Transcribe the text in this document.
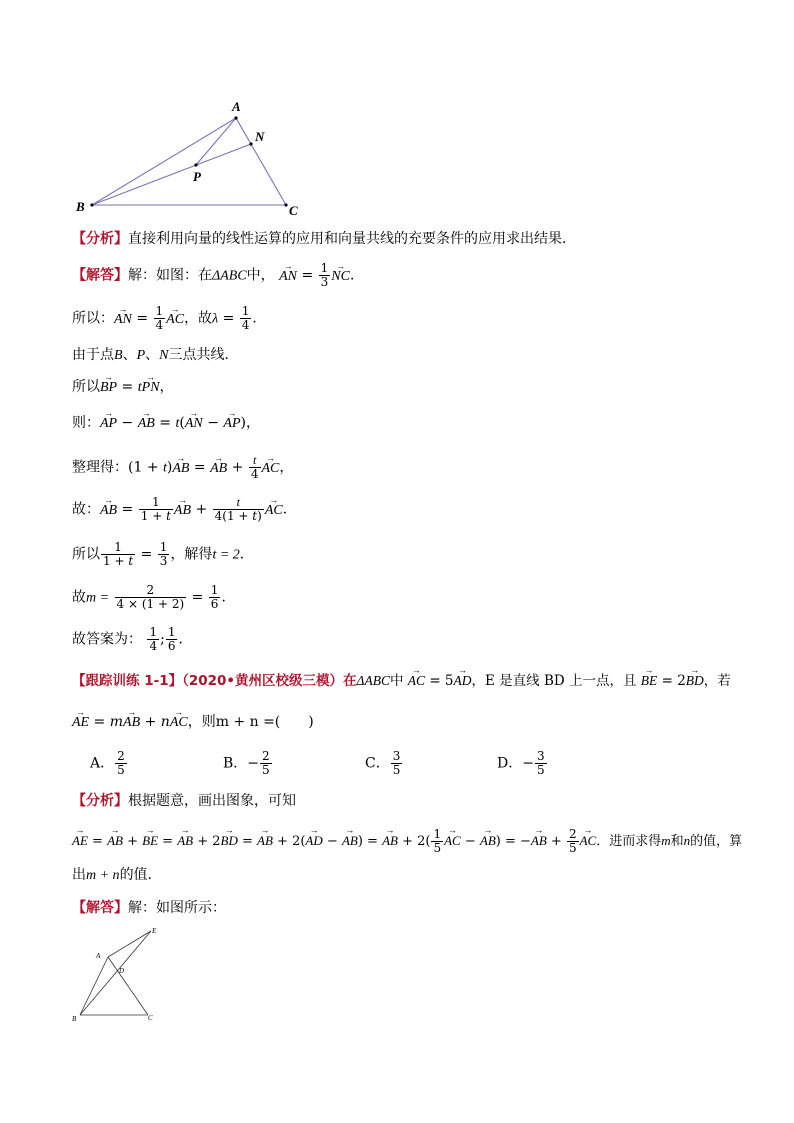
A
N
P
B	C
【分析】直接利用向量的线性运算的应用和向量共线的充要条件的应用求出结果．
【解答】解：如图：在ΔABC中， → AN = $\frac{1}{3}$ → NC．
所以：→ AN = $\frac{1}{4}$ → AC，故$\lambda = \frac{1}{4}$ ．
由于点B、P、N三点共线．
所以→ BP = t→ PN，
则：→ AP − → AB = t(→ AN − → AP)，
整理得：(1 + t)→ AB = → AB + $\frac{t}{4}$ → AC，
故：→ AB = $\frac{1}{1 + t}$ → AB + $\frac{t}{4(1 + t)}$ → AC．
所以 $\frac{1}{1 + t} = \frac{1}{3}$ ，解得t = 2．
故$m = \frac{2}{4 \times (1 + 2)} = \frac{1}{6}$ ．
故答案为： $\frac{1}{4}$ ; $\frac{1}{6}$ ．
【跟踪训练 1-1】（2020•黄州区校级三模）在ΔABC中 → AC = 5→ AD，E 是直线 BD 上一点，且 → BE = 2→ BD，若
→ AE = m→ AB + n→ AC，则m + n =(　　)
A． $\frac{2}{5}$	B．− $\frac{2}{5}$	C． $\frac{3}{5}$	D．− $\frac{3}{5}$
【分析】根据题意，画出图象，可知
→ AE = → AB + → BE = → AB + 2→ BD = → AB + 2(→ AD − → AB) = → AB + $2( \frac{1}{5}$ → AC − → AB) = −→ AB + $\frac{2}{5}$ → AC．进而求得m和n的值，算
出m + n的值．
【解答】解：如图所示：
A
E
D
B	C
